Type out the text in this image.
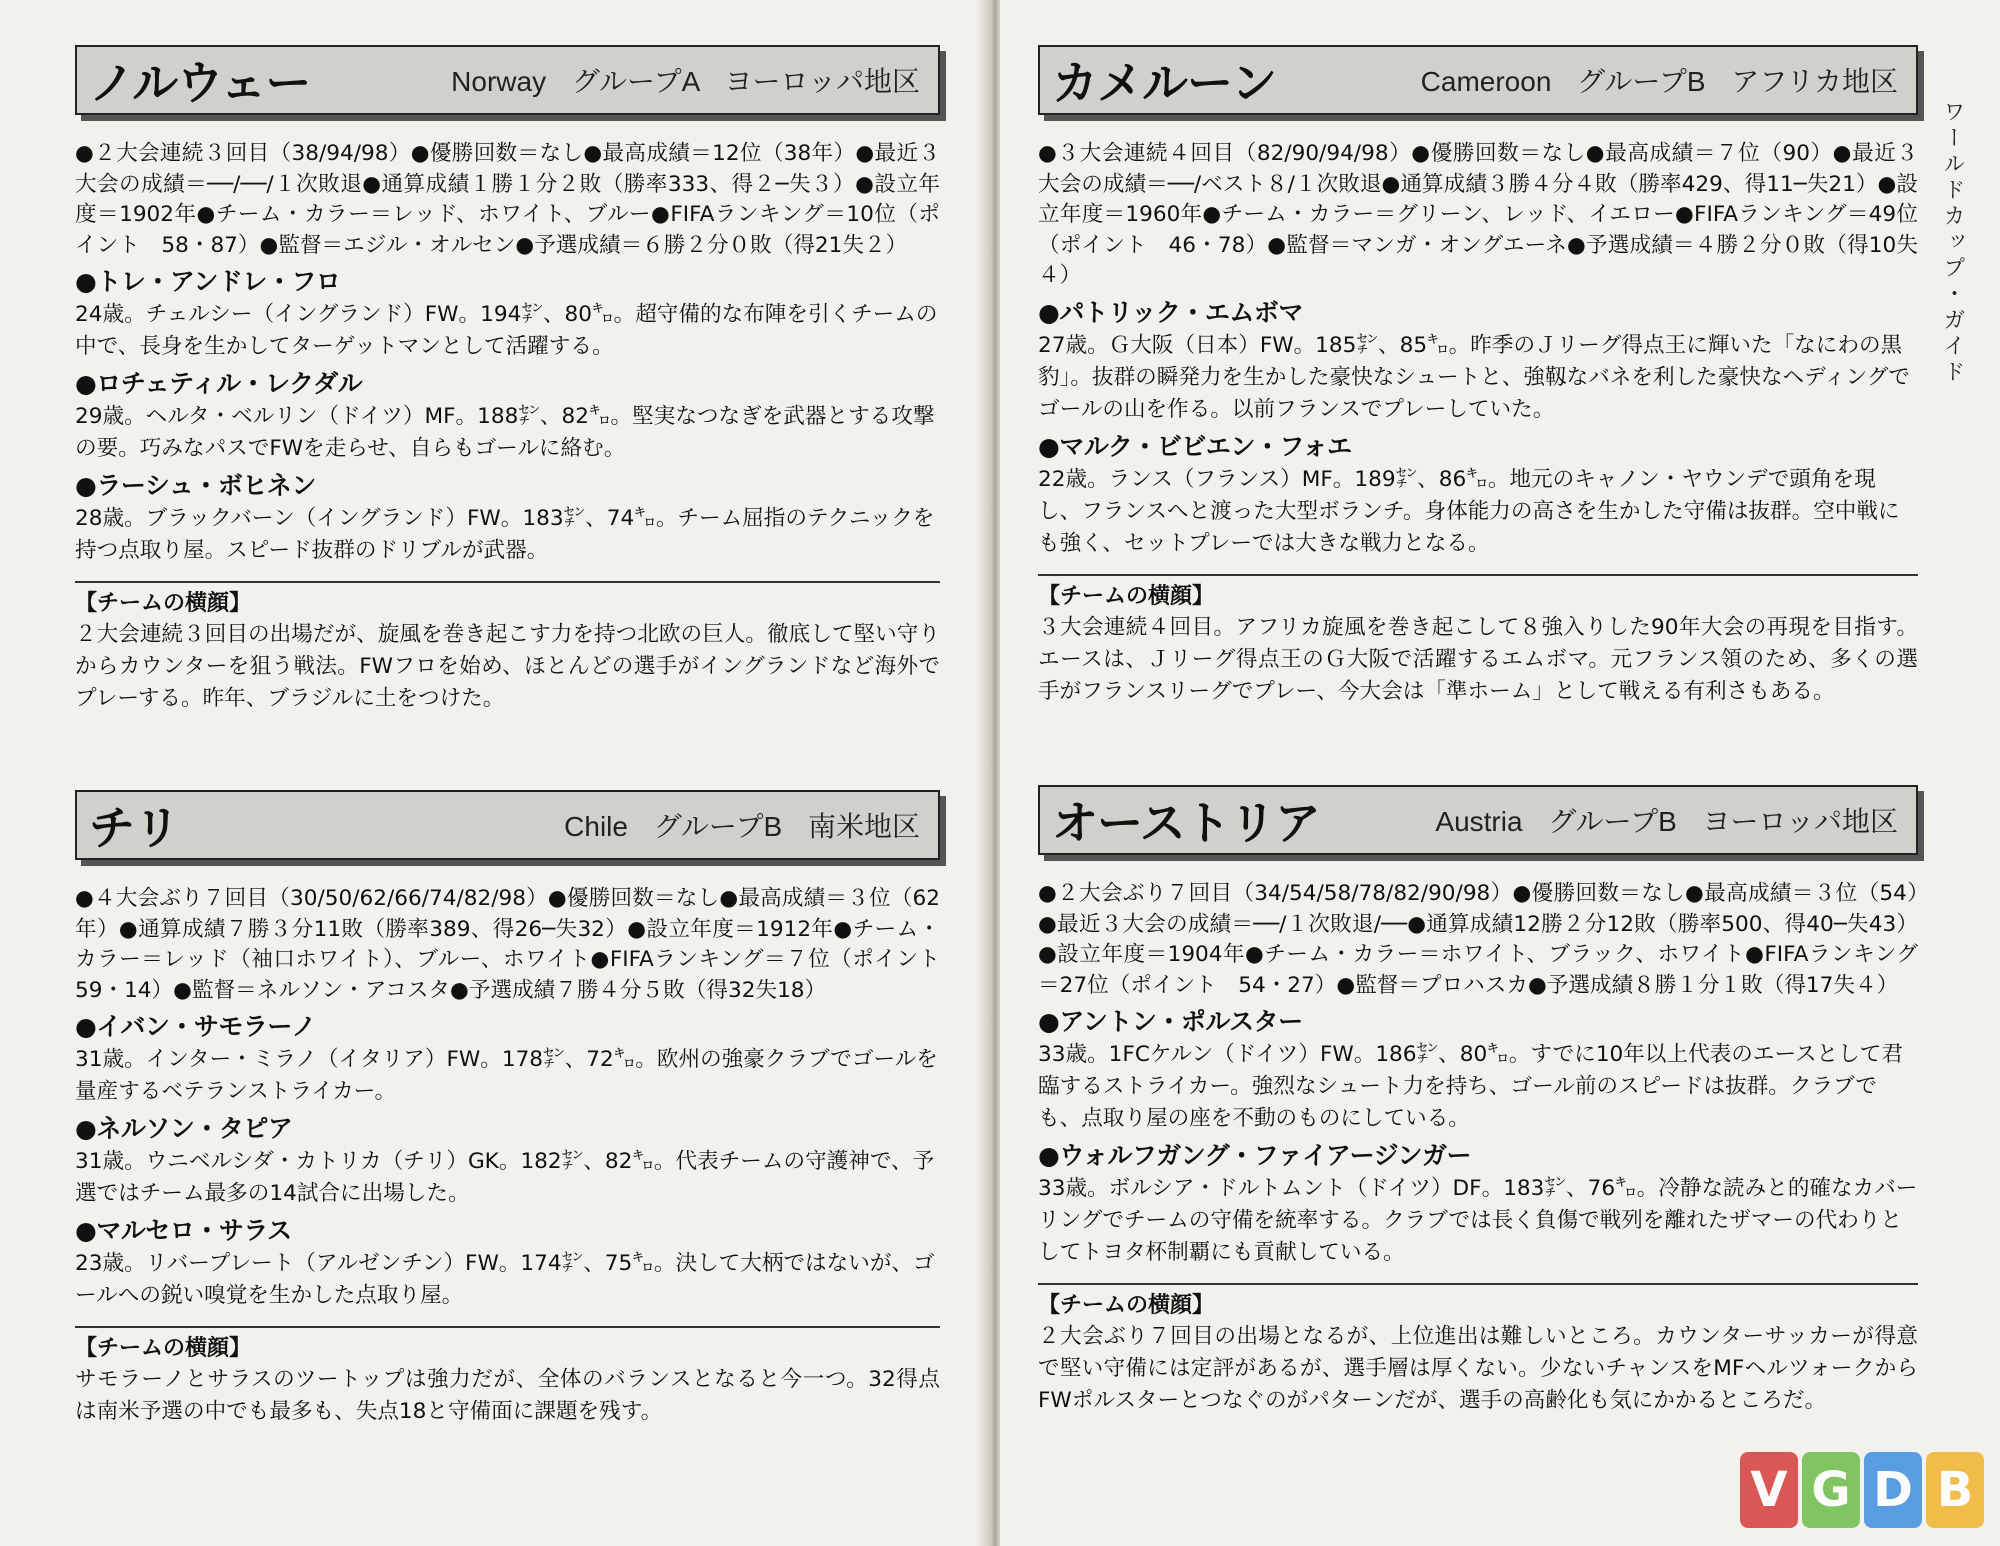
ノルウェー	Norway グループA ヨーロッパ地区

●２大会連続３回目（38/94/98）●優勝回数＝なし●最高成績＝12位（38年）●最近３大会の成績＝──/──/１次敗退●通算成績１勝１分２敗（勝率333、得２─失３）●設立年度＝1902年●チーム・カラー＝レッド、ホワイト、ブルー●FIFAランキング＝10位（ポイント　58・87）●監督＝エジル・オルセン●予選成績＝６勝２分０敗（得21失２）

●トレ・アンドレ・フロ
24歳。チェルシー（イングランド）FW。194㌢、80㌔。超守備的な布陣を引くチームの中で、長身を生かしてターゲットマンとして活躍する。
●ロチェティル・レクダル
29歳。ヘルタ・ベルリン（ドイツ）MF。188㌢、82㌔。堅実なつなぎを武器とする攻撃の要。巧みなパスでFWを走らせ、自らもゴールに絡む。
●ラーシュ・ボヒネン
28歳。ブラックバーン（イングランド）FW。183㌢、74㌔。チーム屈指のテクニックを持つ点取り屋。スピード抜群のドリブルが武器。
【チームの横顔】
２大会連続３回目の出場だが、旋風を巻き起こす力を持つ北欧の巨人。徹底して堅い守りからカウンターを狙う戦法。FWフロを始め、ほとんどの選手がイングランドなど海外でプレーする。昨年、ブラジルに土をつけた。
チリ	Chile グループB 南米地区

●４大会ぶり７回目（30/50/62/66/74/82/98）●優勝回数＝なし●最高成績＝３位（62年）●通算成績７勝３分11敗（勝率389、得26─失32）●設立年度＝1912年●チーム・カラー＝レッド（袖口ホワイト）、ブルー、ホワイト●FIFAランキング＝７位（ポイント　59・14）●監督＝ネルソン・アコスタ●予選成績７勝４分５敗（得32失18）

●イバン・サモラーノ
31歳。インター・ミラノ（イタリア）FW。178㌢、72㌔。欧州の強豪クラブでゴールを量産するベテランストライカー。
●ネルソン・タピア
31歳。ウニベルシダ・カトリカ（チリ）GK。182㌢、82㌔。代表チームの守護神で、予選ではチーム最多の14試合に出場した。
●マルセロ・サラス
23歳。リバープレート（アルゼンチン）FW。174㌢、75㌔。決して大柄ではないが、ゴールへの鋭い嗅覚を生かした点取り屋。
【チームの横顔】
サモラーノとサラスのツートップは強力だが、全体のバランスとなると今一つ。32得点は南米予選の中でも最多も、失点18と守備面に課題を残す。
ワールドカップ・ガイド
カメルーン	Cameroon グループB アフリカ地区

●３大会連続４回目（82/90/94/98）●優勝回数＝なし●最高成績＝７位（90）●最近３大会の成績＝──/ベスト８/１次敗退●通算成績３勝４分４敗（勝率429、得11─失21）●設立年度＝1960年●チーム・カラー＝グリーン、レッド、イエロー●FIFAランキング＝49位（ポイント　46・78）●監督＝マンガ・オングエーネ●予選成績＝４勝２分０敗（得10失４）

●パトリック・エムボマ
27歳。Ｇ大阪（日本）FW。185㌢、85㌔。昨季のＪリーグ得点王に輝いた「なにわの黒豹」。抜群の瞬発力を生かした豪快なシュートと、強靱なバネを利した豪快なヘディングでゴールの山を作る。以前フランスでプレーしていた。
●マルク・ビビエン・フォエ
22歳。ランス（フランス）MF。189㌢、86㌔。地元のキャノン・ヤウンデで頭角を現し、フランスへと渡った大型ボランチ。身体能力の高さを生かした守備は抜群。空中戦にも強く、セットプレーでは大きな戦力となる。
【チームの横顔】
３大会連続４回目。アフリカ旋風を巻き起こして８強入りした90年大会の再現を目指す。エースは、Ｊリーグ得点王のＧ大阪で活躍するエムボマ。元フランス領のため、多くの選手がフランスリーグでプレー、今大会は「準ホーム」として戦える有利さもある。
オーストリア	Austria グループB ヨーロッパ地区

●２大会ぶり７回目（34/54/58/78/82/90/98）●優勝回数＝なし●最高成績＝３位（54）●最近３大会の成績＝──/１次敗退/──●通算成績12勝２分12敗（勝率500、得40─失43）●設立年度＝1904年●チーム・カラー＝ホワイト、ブラック、ホワイト●FIFAランキング＝27位（ポイント　54・27）●監督＝プロハスカ●予選成績８勝１分１敗（得17失４）

●アントン・ポルスター
33歳。1FCケルン（ドイツ）FW。186㌢、80㌔。すでに10年以上代表のエースとして君臨するストライカー。強烈なシュート力を持ち、ゴール前のスピードは抜群。クラブでも、点取り屋の座を不動のものにしている。
●ウォルフガング・ファイアージンガー
33歳。ボルシア・ドルトムント（ドイツ）DF。183㌢、76㌔。冷静な読みと的確なカバーリングでチームの守備を統率する。クラブでは長く負傷で戦列を離れたザマーの代わりとしてトヨタ杯制覇にも貢献している。
【チームの横顔】
２大会ぶり７回目の出場となるが、上位進出は難しいところ。カウンターサッカーが得意で堅い守備には定評があるが、選手層は厚くない。少ないチャンスをMFヘルツォークからFWポルスターとつなぐのがパターンだが、選手の高齢化も気にかかるところだ。
V G D B
